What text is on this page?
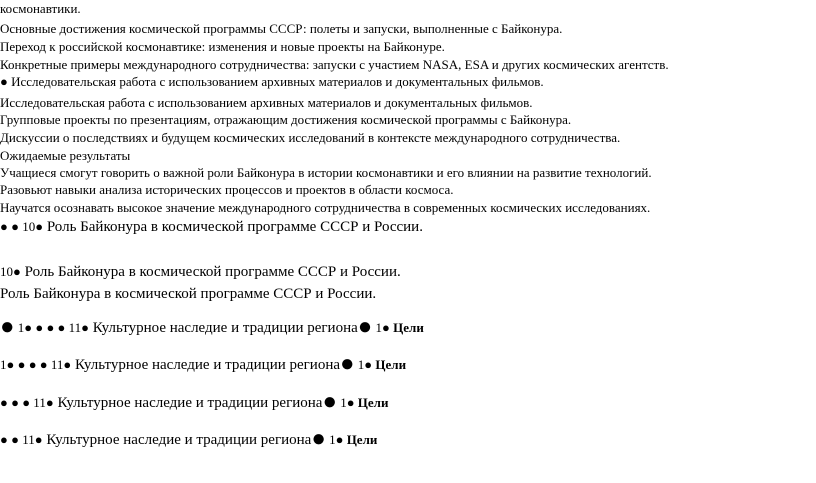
космонавтики.
Основные достижения космической программы СССР: полеты и запуски, выполненные с Байконура.
Переход к российской космонавтике: изменения и новые проекты на Байконуре.
Конкретные примеры международного сотрудничества: запуски с участием NASA, ESA и других космических агентств.
● Исследовательская работа с использованием архивных материалов и документальных фильмов.
Исследовательская работа с использованием архивных материалов и документальных фильмов.
Групповые проекты по презентациям, отражающим достижения космической программы с Байконура.
Дискуссии о последствиях и будущем космических исследований в контексте международного сотрудничества.
Ожидаемые результаты
Учащиеся смогут говорить о важной роли Байконура в истории космонавтики и его влиянии на развитие технологий.
Разовьют навыки анализа исторических процессов и проектов в области космоса.
Научатся осознавать высокое значение международного сотрудничества в современных космических исследованиях.
● ● 10● Роль Байконура в космической программе СССР и России.
10● Роль Байконура в космической программе СССР и России.
Роль Байконура в космической программе СССР и России.
● 1● ● ● ● 11● Культурное наследие и традиции региона● 1● Цели
1● ● ● ● 11● Культурное наследие и традиции региона● 1● Цели
● ● ● 11● Культурное наследие и традиции региона● 1● Цели
● ● 11● Культурное наследие и традиции региона● 1● Цели
